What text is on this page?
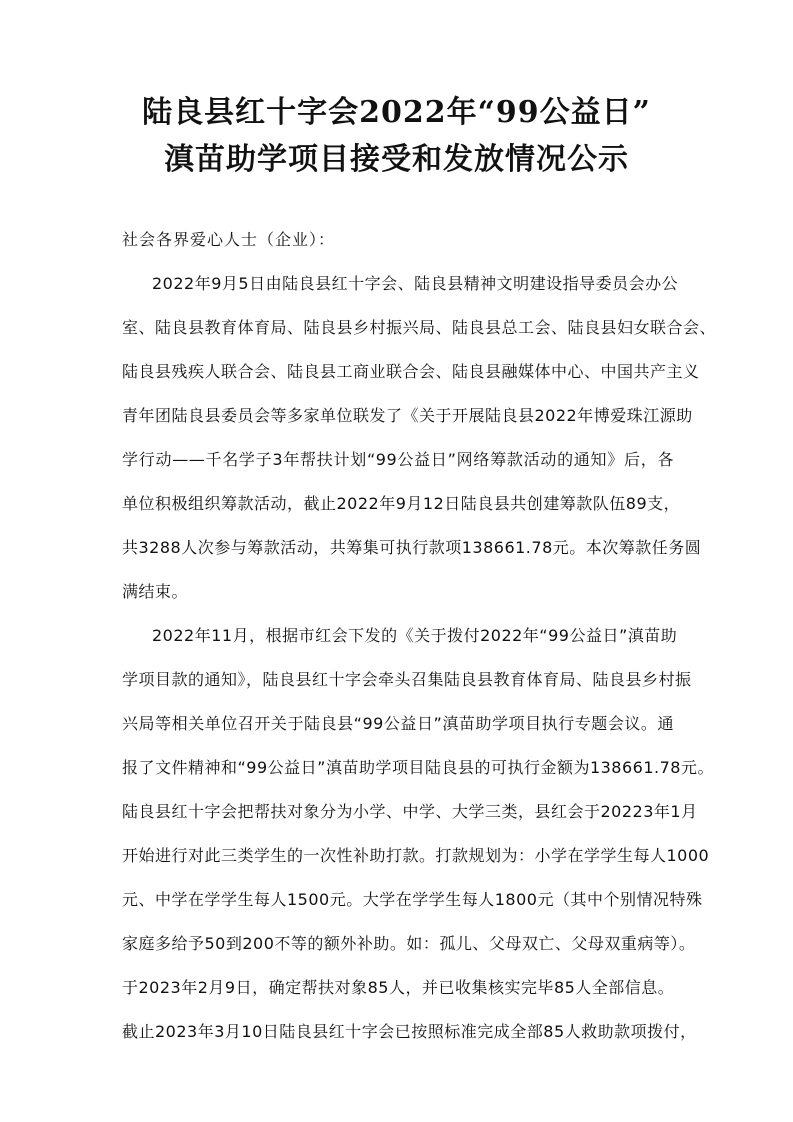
陆良县红十字会2022年“99公益日”
滇苗助学项目接受和发放情况公示
社会各界爱心人士（企业）：
2022年9月5日由陆良县红十字会、陆良县精神文明建设指导委员会办公
室、陆良县教育体育局、陆良县乡村振兴局、陆良县总工会、陆良县妇女联合会、
陆良县残疾人联合会、陆良县工商业联合会、陆良县融媒体中心、中国共产主义
青年团陆良县委员会等多家单位联发了《关于开展陆良县2022年博爱珠江源助
学行动——千名学子3年帮扶计划“99公益日”网络筹款活动的通知》后，各
单位积极组织筹款活动，截止2022年9月12日陆良县共创建筹款队伍89支，
共3288人次参与筹款活动，共筹集可执行款项138661.78元。本次筹款任务圆
满结束。
2022年11月，根据市红会下发的《关于拨付2022年“99公益日”滇苗助
学项目款的通知》，陆良县红十字会牵头召集陆良县教育体育局、陆良县乡村振
兴局等相关单位召开关于陆良县“99公益日”滇苗助学项目执行专题会议。通
报了文件精神和“99公益日”滇苗助学项目陆良县的可执行金额为138661.78元。
陆良县红十字会把帮扶对象分为小学、中学、大学三类，县红会于20223年1月
开始进行对此三类学生的一次性补助打款。打款规划为：小学在学学生每人1000
元、中学在学学生每人1500元。大学在学学生每人1800元（其中个别情况特殊
家庭多给予50到200不等的额外补助。如：孤儿、父母双亡、父母双重病等）。
于2023年2月9日，确定帮扶对象85人，并已收集核实完毕85人全部信息。
截止2023年3月10日陆良县红十字会已按照标准完成全部85人救助款项拨付，
